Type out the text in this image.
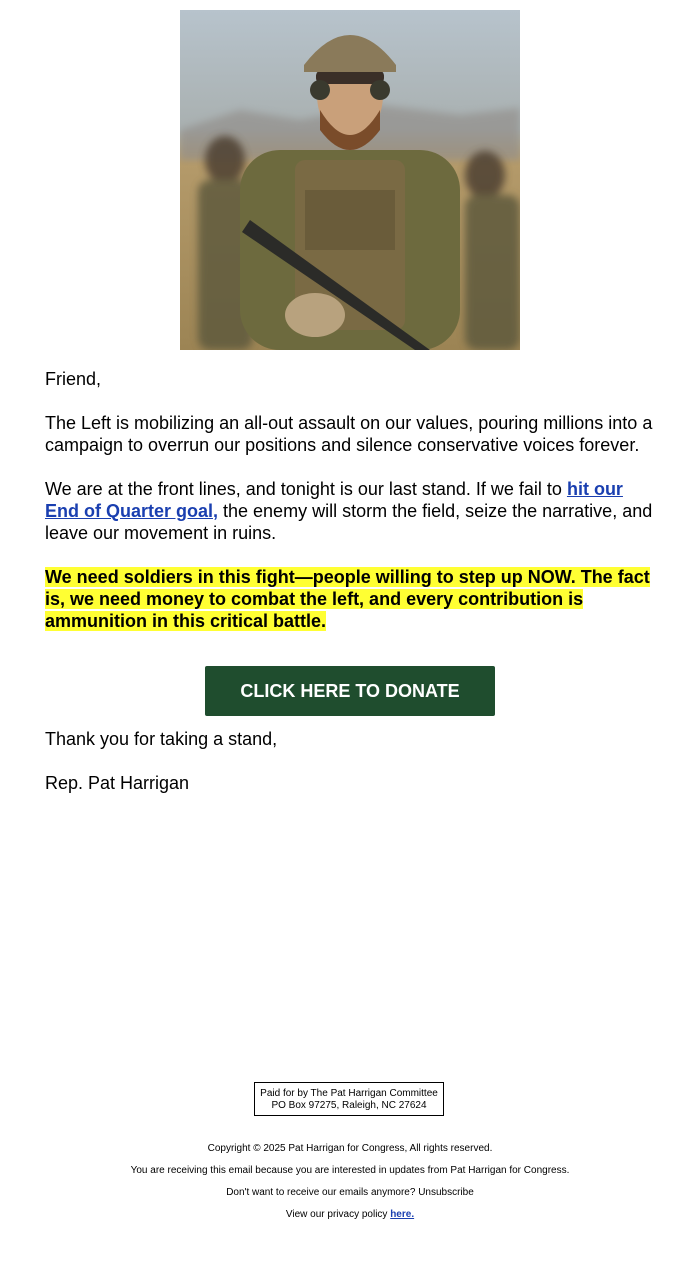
Friend,

The Left is mobilizing an all-out assault on our values, pouring millions into a campaign to overrun our positions and silence conservative voices forever.

We are at the front lines, and tonight is our last stand. If we fail to hit our End of Quarter goal, the enemy will storm the field, seize the narrative, and leave our movement in ruins.

We need soldiers in this fight—people willing to step up NOW. The fact is, we need money to combat the left, and every contribution is ammunition in this critical battle.

CLICK HERE TO DONATE

Thank you for taking a stand,

Rep. Pat Harrigan

Paid for by The Pat Harrigan Committee
PO Box 97275, Raleigh, NC 27624
Copyright © 2025 Pat Harrigan for Congress, All rights reserved.
You are receiving this email because you are interested in updates from Pat Harrigan for Congress.
Don't want to receive our emails anymore? Unsubscribe
View our privacy policy here.
